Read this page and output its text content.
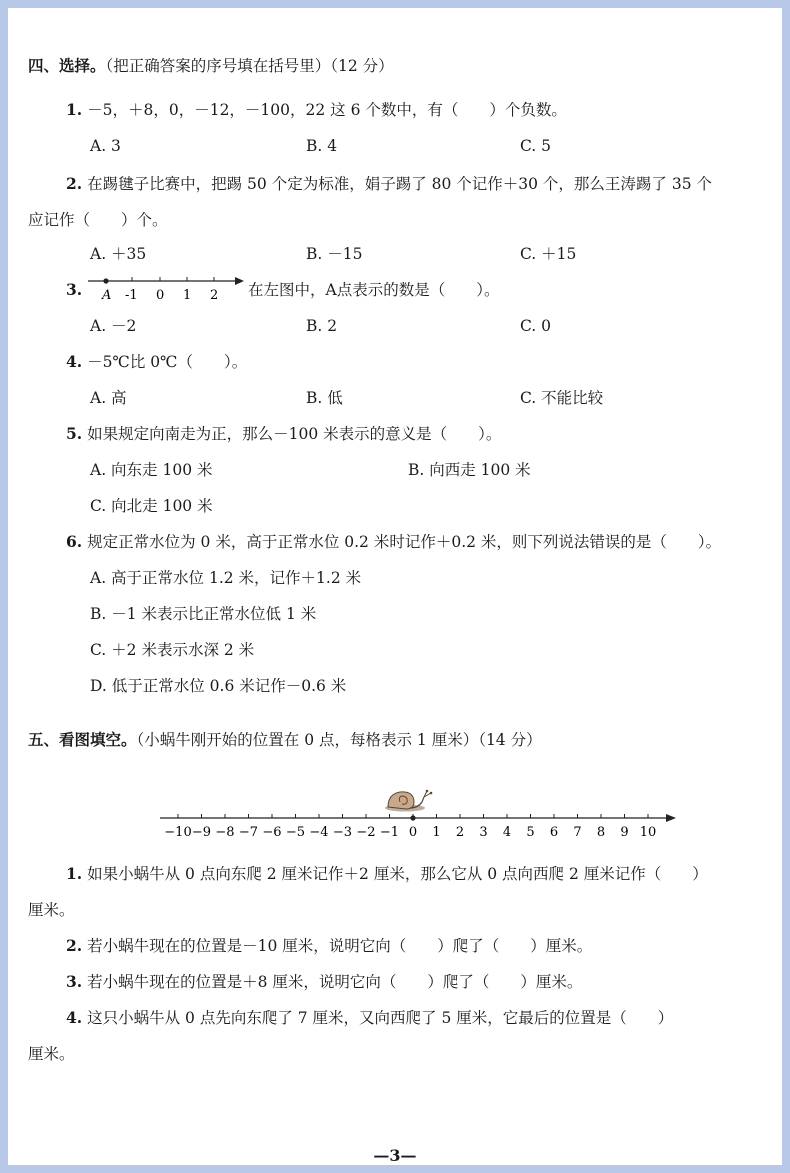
四、选择。（把正确答案的序号填在括号里）（12 分）
1. －5，＋8，0，－12，－100，22 这 6 个数中，有（　　）个负数。
A. 3	B. 4	C. 5
2. 在踢毽子比赛中，把踢 50 个定为标准，娟子踢了 80 个记作＋30 个，那么王涛踢了 35 个
应记作（　　）个。
A. ＋35	B. －15	C. ＋15
3. A -1 0 1 2 在左图中，A点表示的数是（　　）。
A. －2	B. 2	C. 0
4. －5℃比 0℃（　　）。
A. 高	B. 低	C. 不能比较
5. 如果规定向南走为正，那么－100 米表示的意义是（　　）。
A. 向东走 100 米	B. 向西走 100 米
C. 向北走 100 米
6. 规定正常水位为 0 米，高于正常水位 0.2 米时记作＋0.2 米，则下列说法错误的是（　　）。
A. 高于正常水位 1.2 米，记作＋1.2 米
B. －1 米表示比正常水位低 1 米
C. ＋2 米表示水深 2 米
D. 低于正常水位 0.6 米记作－0.6 米
五、看图填空。（小蜗牛刚开始的位置在 0 点，每格表示 1 厘米）（14 分）
−10 −9 −8 −7 −6 −5 −4 −3 −2 −1 0 1 2 3 4 5 6 7 8 9 10
1. 如果小蜗牛从 0 点向东爬 2 厘米记作＋2 厘米，那么它从 0 点向西爬 2 厘米记作（　　）
厘米。
2. 若小蜗牛现在的位置是－10 厘米，说明它向（　　）爬了（　　）厘米。
3. 若小蜗牛现在的位置是＋8 厘米，说明它向（　　）爬了（　　）厘米。
4. 这只小蜗牛从 0 点先向东爬了 7 厘米，又向西爬了 5 厘米，它最后的位置是（　　）
厘米。
—3—
